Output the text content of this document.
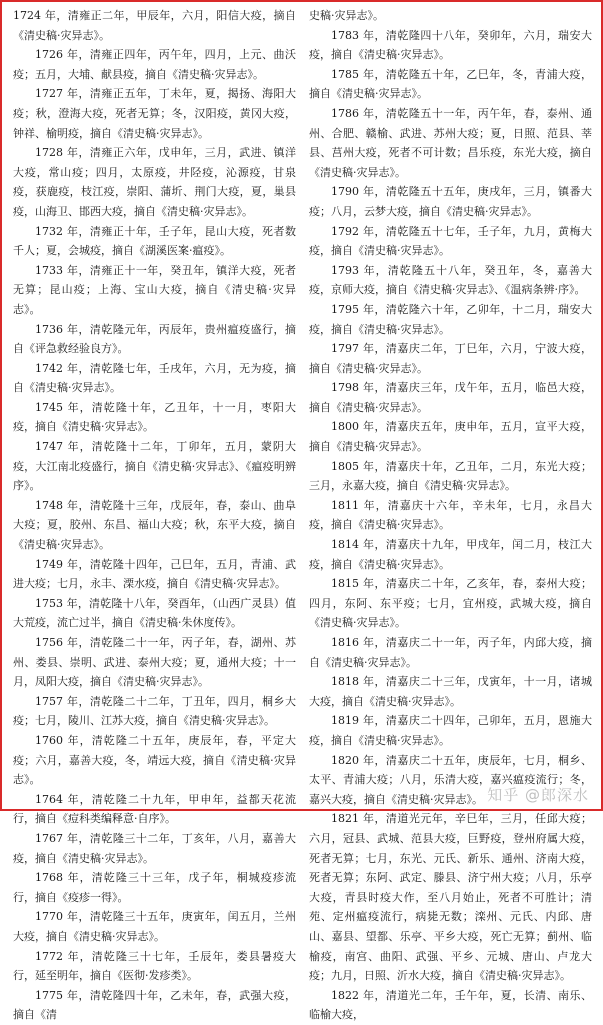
1724 年，清雍正二年，甲辰年，六月，阳信大疫，摘自《清史稿·灾异志》。

1726 年，清雍正四年，丙午年，四月，上元、曲沃疫；五月，大埔、献县疫，摘自《清史稿·灾异志》。

1727 年，清雍正五年，丁未年，夏，揭扬、海阳大疫；秋，澄海大疫，死者无算；冬，汉阳疫，黄冈大疫，钟祥、榆明疫，摘自《清史稿·灾异志》。

1728 年，清雍正六年，戊申年，三月，武进、镇洋大疫，常山疫；四月，太原疫，井陉疫，沁源疫，甘泉疫，获鹿疫，枝江疫，崇阳、蒲圻、荆门大疫，夏，巢县疫，山海卫、邯西大疫，摘自《清史稿·灾异志》。

1732 年，清雍正十年，壬子年，昆山大疫，死者数千人；夏，会城疫，摘自《湖溪医案·瘟疫》。

1733 年，清雍正十一年，癸丑年，镇洋大疫，死者无算；昆山疫；上海、宝山大疫，摘自《清史稿·灾异志》。

1736 年，清乾隆元年，丙辰年，贵州瘟疫盛行，摘自《评急救经验良方》。

1742 年，清乾隆七年，壬戌年，六月，无为疫，摘自《清史稿·灾异志》。

1745 年，清乾隆十年，乙丑年，十一月，枣阳大疫，摘自《清史稿·灾异志》。

1747 年，清乾隆十二年，丁卯年，五月，蒙阴大疫，大江南北疫盛行，摘自《清史稿·灾异志》、《瘟疫明辨序》。

1748 年，清乾隆十三年，戊辰年，春，泰山、曲阜大疫；夏，胶州、东昌、福山大疫；秋，东平大疫，摘自《清史稿·灾异志》。

1749 年，清乾隆十四年，己巳年，五月，青浦、武进大疫；七月，永丰、溧水疫，摘自《清史稿·灾异志》。

1753 年，清乾隆十八年，癸酉年，（山西广灵县）值大荒疫，流亡过半，摘自《清史稿·朱休度传》。

1756 年，清乾隆二十一年，丙子年，春，湖州、苏州、娄县、崇明、武进、泰州大疫；夏，通州大疫；十一月，凤阳大疫，摘自《清史稿·灾异志》。

1757 年，清乾隆二十二年，丁丑年，四月，桐乡大疫；七月，陵川、江苏大疫，摘自《清史稿·灾异志》。

1760 年，清乾隆二十五年，庚辰年，春，平定大疫；六月，嘉善大疫，冬，靖远大疫，摘自《清史稿·灾异志》。

1764 年，清乾隆二十九年，甲申年，益都天花流行，摘自《痘科类编释意·自序》。

1767 年，清乾隆三十二年，丁亥年，八月，嘉善大疫，摘自《清史稿·灾异志》。

1768 年，清乾隆三十三年，戊子年，桐城疫疹流行，摘自《疫疹一得》。

1770 年，清乾隆三十五年，庚寅年，闰五月，兰州大疫，摘自《清史稿·灾异志》。

1772 年，清乾隆三十七年，壬辰年，娄县暑疫大行，延至明年，摘自《医彻·发疹类》。

1775 年，清乾隆四十年，乙未年，春，武强大疫，摘自《清

史稿·灾异志》。

1783 年，清乾隆四十八年，癸卯年，六月，瑞安大疫，摘自《清史稿·灾异志》。

1785 年，清乾隆五十年，乙巳年，冬，青浦大疫，摘自《清史稿·灾异志》。

1786 年，清乾隆五十一年，丙午年，春，泰州、通州、合肥、赣榆、武进、苏州大疫；夏，日照、范县、莘县、莒州大疫，死者不可计数；昌乐疫，东光大疫，摘自《清史稿·灾异志》。

1790 年，清乾隆五十五年，庚戌年，三月，镇番大疫；八月，云梦大疫，摘自《清史稿·灾异志》。

1792 年，清乾隆五十七年，壬子年，九月，黄梅大疫，摘自《清史稿·灾异志》。

1793 年，清乾隆五十八年，癸丑年，冬，嘉善大疫，京师大疫，摘自《清史稿·灾异志》、《温病条辨·序》。

1795 年，清乾隆六十年，乙卯年，十二月，瑞安大疫，摘自《清史稿·灾异志》。

1797 年，清嘉庆二年，丁巳年，六月，宁波大疫，摘自《清史稿·灾异志》。

1798 年，清嘉庆三年，戊午年，五月，临邑大疫，摘自《清史稿·灾异志》。

1800 年，清嘉庆五年，庚申年，五月，宣平大疫，摘自《清史稿·灾异志》。

1805 年，清嘉庆十年，乙丑年，二月，东光大疫；三月，永嘉大疫，摘自《清史稿·灾异志》。

1811 年，清嘉庆十六年，辛未年，七月，永昌大疫，摘自《清史稿·灾异志》。

1814 年，清嘉庆十九年，甲戌年，闰二月，枝江大疫，摘自《清史稿·灾异志》。

1815 年，清嘉庆二十年，乙亥年，春，泰州大疫；四月，东阿、东平疫；七月，宜州疫，武城大疫，摘自《清史稿·灾异志》。

1816 年，清嘉庆二十一年，丙子年，内邱大疫，摘自《清史稿·灾异志》。

1818 年，清嘉庆二十三年，戊寅年，十一月，诸城大疫，摘自《清史稿·灾异志》。

1819 年，清嘉庆二十四年，己卯年，五月，恩施大疫，摘自《清史稿·灾异志》。

1820 年，清嘉庆二十五年，庚辰年，七月，桐乡、太平、青浦大疫；八月，乐清大疫，嘉兴瘟疫流行；冬，嘉兴大疫，摘自《清史稿·灾异志》。

1821 年，清道光元年，辛巳年，三月，任邱大疫；六月，冠县、武城、范县大疫，巨野疫，登州府属大疫，死者无算；七月，东光、元氏、新乐、通州、济南大疫，死者无算；东阿、武定、滕县、济宁州大疫；八月，乐亭大疫，青县时疫大作，至八月始止，死者不可胜计；清苑、定州瘟疫流行，病毙无数；滦州、元氏、内邱、唐山、嘉县、望都、乐亭、平乡大疫，死亡无算；蓟州、临榆疫，南宫、曲阳、武强、平乡、元城、唐山、卢龙大疫；九月，日照、沂水大疫，摘自《清史稿·灾异志》。

1822 年，清道光二年，壬午年，夏，长清、南乐、临榆大疫，

知乎 @郎深水
